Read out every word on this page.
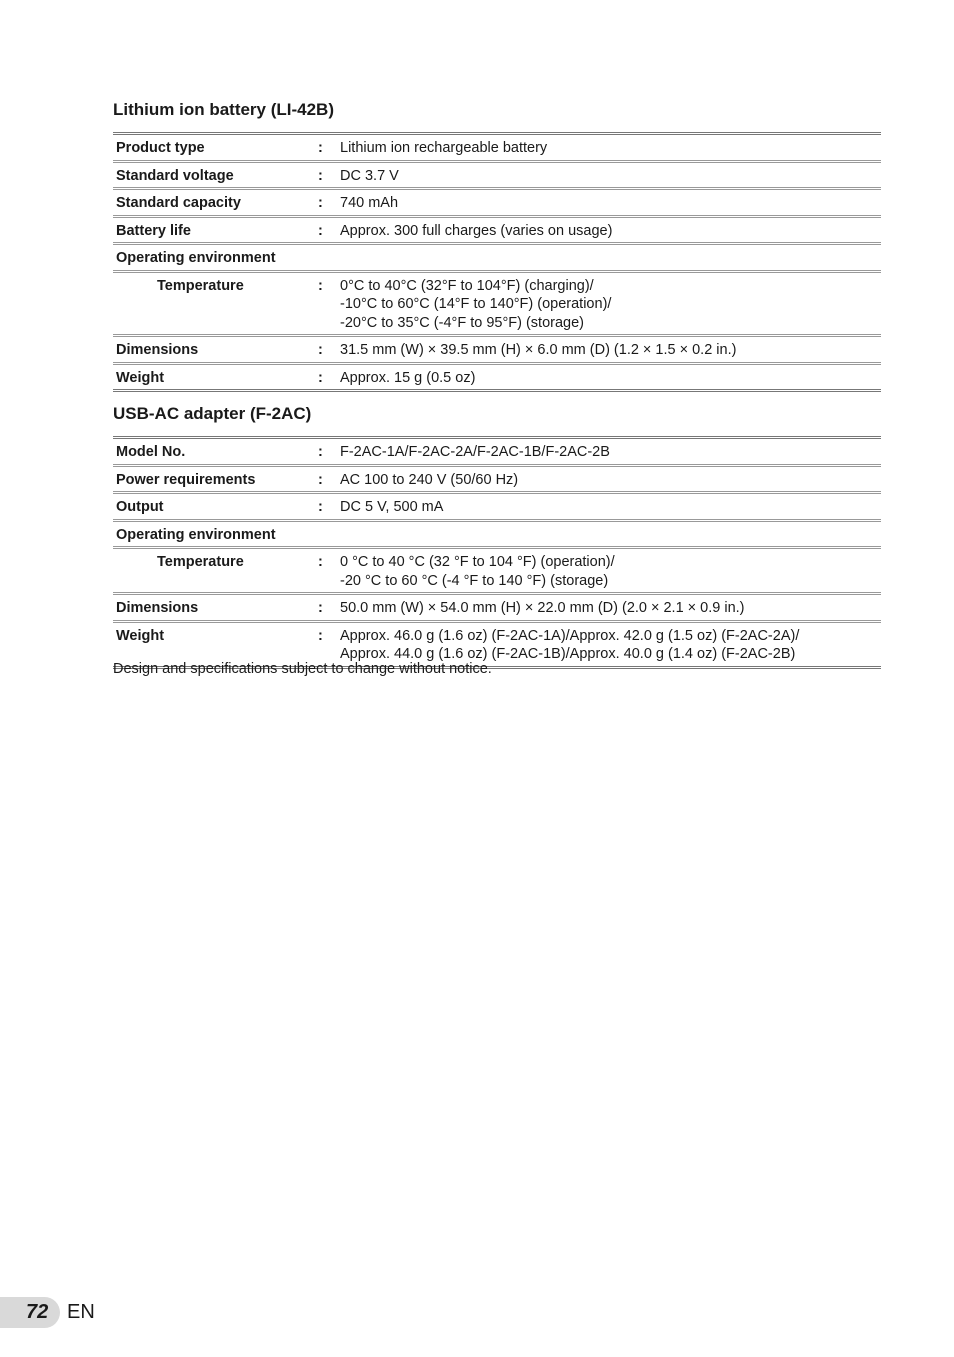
Lithium ion battery (LI-42B)
Product type	:	Lithium ion rechargeable battery
Standard voltage	:	DC 3.7 V
Standard capacity	:	740 mAh
Battery life	:	Approx. 300 full charges (varies on usage)
Operating environment
Temperature	:	0°C to 40°C (32°F to 104°F) (charging)/
-10°C to 60°C (14°F to 140°F) (operation)/
-20°C to 35°C (-4°F to 95°F) (storage)
Dimensions	:	31.5 mm (W) × 39.5 mm (H) × 6.0 mm (D) (1.2 × 1.5 × 0.2 in.)
Weight	:	Approx. 15 g (0.5 oz)
USB-AC adapter (F-2AC)
Model No.	:	F-2AC-1A/F-2AC-2A/F-2AC-1B/F-2AC-2B
Power requirements	:	AC 100 to 240 V (50/60 Hz)
Output	:	DC 5 V, 500 mA
Operating environment
Temperature	:	0 °C to 40 °C (32 °F to 104 °F) (operation)/
-20 °C to 60 °C (-4 °F to 140 °F) (storage)
Dimensions	:	50.0 mm (W) × 54.0 mm (H) × 22.0 mm (D) (2.0 × 2.1 × 0.9 in.)
Weight	:	Approx. 46.0 g (1.6 oz) (F-2AC-1A)/Approx. 42.0 g (1.5 oz) (F-2AC-2A)/
Approx. 44.0 g (1.6 oz) (F-2AC-1B)/Approx. 40.0 g (1.4 oz) (F-2AC-2B)

Design and specifications subject to change without notice.

72 EN
